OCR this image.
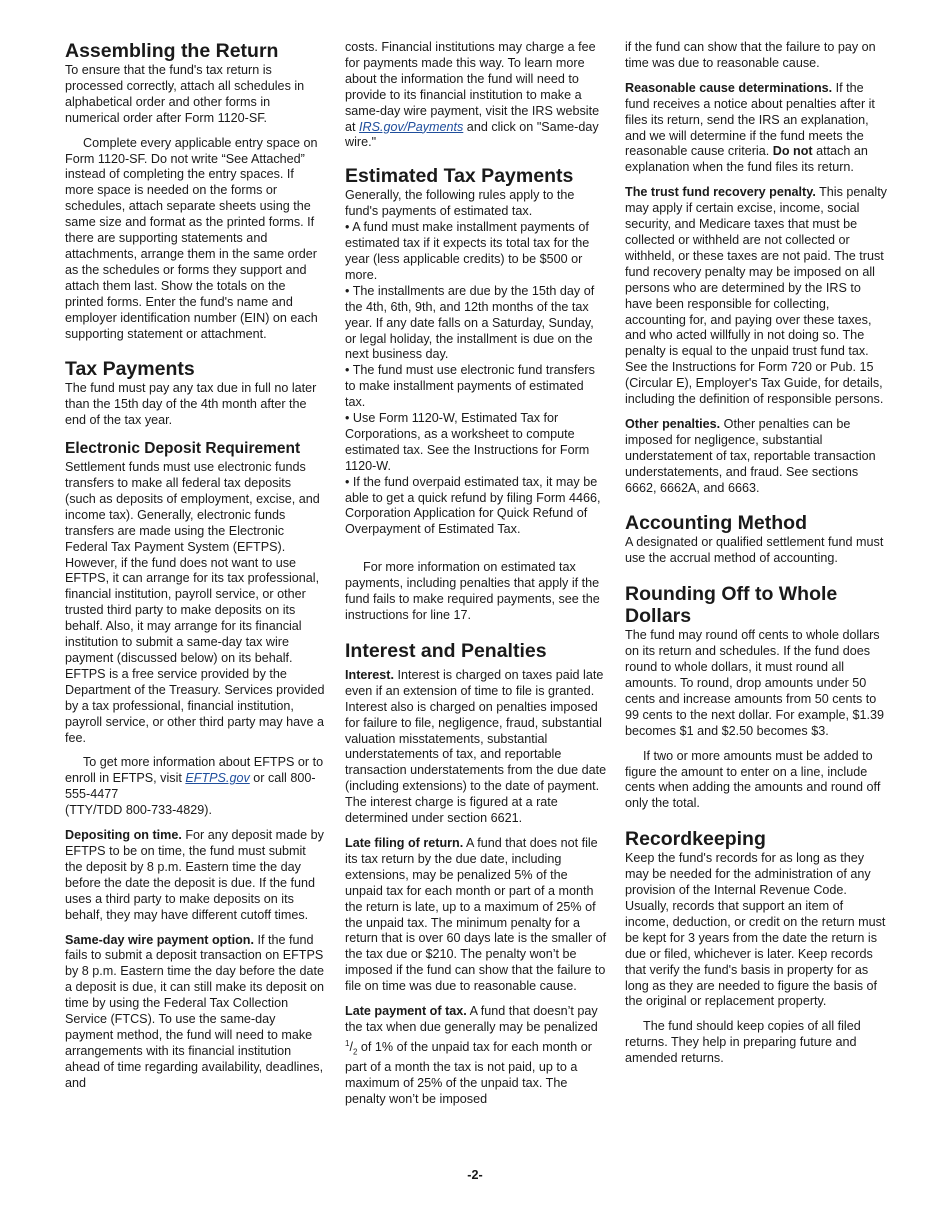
Assembling the Return

To ensure that the fund's tax return is processed correctly, attach all schedules in alphabetical order and other forms in numerical order after Form 1120-SF.

Complete every applicable entry space on Form 1120-SF. Do not write “See Attached” instead of completing the entry spaces. If more space is needed on the forms or schedules, attach separate sheets using the same size and format as the printed forms. If there are supporting statements and attachments, arrange them in the same order as the schedules or forms they support and attach them last. Show the totals on the printed forms. Enter the fund's name and employer identification number (EIN) on each supporting statement or attachment.

Tax Payments

The fund must pay any tax due in full no later than the 15th day of the 4th month after the end of the tax year.

Electronic Deposit Requirement

Settlement funds must use electronic funds transfers to make all federal tax deposits (such as deposits of employment, excise, and income tax). Generally, electronic funds transfers are made using the Electronic Federal Tax Payment System (EFTPS). However, if the fund does not want to use EFTPS, it can arrange for its tax professional, financial institution, payroll service, or other trusted third party to make deposits on its behalf. Also, it may arrange for its financial institution to submit a same-day tax wire payment (discussed below) on its behalf. EFTPS is a free service provided by the Department of the Treasury. Services provided by a tax professional, financial institution, payroll service, or other third party may have a fee.

To get more information about EFTPS or to enroll in EFTPS, visit EFTPS.gov or call 800-555-4477

(TTY/TDD 800-733-4829).

Depositing on time. For any deposit made by EFTPS to be on time, the fund must submit the deposit by 8 p.m. Eastern time the day before the date the deposit is due. If the fund uses a third party to make deposits on its behalf, they may have different cutoff times.

Same-day wire payment option. If the fund fails to submit a deposit transaction on EFTPS by 8 p.m. Eastern time the day before the date a deposit is due, it can still make its deposit on time by using the Federal Tax Collection Service (FTCS). To use the same-day payment method, the fund will need to make arrangements with its financial institution ahead of time regarding availability, deadlines, and

costs. Financial institutions may charge a fee for payments made this way. To learn more about the information the fund will need to provide to its financial institution to make a same-day wire payment, visit the IRS website at IRS.gov/Payments and click on "Same-day wire."

Estimated Tax Payments

Generally, the following rules apply to the fund's payments of estimated tax.

• A fund must make installment payments of estimated tax if it expects its total tax for the year (less applicable credits) to be $500 or more.

• The installments are due by the 15th day of the 4th, 6th, 9th, and 12th months of the tax year. If any date falls on a Saturday, Sunday, or legal holiday, the installment is due on the next business day.

• The fund must use electronic fund transfers to make installment payments of estimated tax.

• Use Form 1120-W, Estimated Tax for Corporations, as a worksheet to compute estimated tax. See the Instructions for Form 1120-W.

• If the fund overpaid estimated tax, it may be able to get a quick refund by filing Form 4466, Corporation Application for Quick Refund of Overpayment of Estimated Tax.

For more information on estimated tax payments, including penalties that apply if the fund fails to make required payments, see the instructions for line 17.

Interest and Penalties

Interest. Interest is charged on taxes paid late even if an extension of time to file is granted. Interest also is charged on penalties imposed for failure to file, negligence, fraud, substantial valuation misstatements, substantial understatements of tax, and reportable transaction understatements from the due date (including extensions) to the date of payment. The interest charge is figured at a rate determined under section 6621.

Late filing of return. A fund that does not file its tax return by the due date, including extensions, may be penalized 5% of the unpaid tax for each month or part of a month the return is late, up to a maximum of 25% of the unpaid tax. The minimum penalty for a return that is over 60 days late is the smaller of the tax due or $210. The penalty won’t be imposed if the fund can show that the failure to file on time was due to reasonable cause.

Late payment of tax. A fund that doesn’t pay the tax when due generally may be penalized $^1/_2$ of 1% of the unpaid tax for each month or part of a month the tax is not paid, up to a maximum of 25% of the unpaid tax. The penalty won’t be imposed

if the fund can show that the failure to pay on time was due to reasonable cause.

Reasonable cause determinations. If the fund receives a notice about penalties after it files its return, send the IRS an explanation, and we will determine if the fund meets the reasonable cause criteria. Do not attach an explanation when the fund files its return.

The trust fund recovery penalty. This penalty may apply if certain excise, income, social security, and Medicare taxes that must be collected or withheld are not collected or withheld, or these taxes are not paid. The trust fund recovery penalty may be imposed on all persons who are determined by the IRS to have been responsible for collecting, accounting for, and paying over these taxes, and who acted willfully in not doing so. The penalty is equal to the unpaid trust fund tax. See the Instructions for Form 720 or Pub. 15 (Circular E), Employer's Tax Guide, for details, including the definition of responsible persons.

Other penalties. Other penalties can be imposed for negligence, substantial understatement of tax, reportable transaction understatements, and fraud. See sections 6662, 6662A, and 6663.

Accounting Method

A designated or qualified settlement fund must use the accrual method of accounting.

Rounding Off to Whole Dollars

The fund may round off cents to whole dollars on its return and schedules. If the fund does round to whole dollars, it must round all amounts. To round, drop amounts under 50 cents and increase amounts from 50 cents to 99 cents to the next dollar. For example, $1.39 becomes $1 and $2.50 becomes $3.

If two or more amounts must be added to figure the amount to enter on a line, include cents when adding the amounts and round off only the total.

Recordkeeping

Keep the fund's records for as long as they may be needed for the administration of any provision of the Internal Revenue Code. Usually, records that support an item of income, deduction, or credit on the return must be kept for 3 years from the date the return is due or filed, whichever is later. Keep records that verify the fund's basis in property for as long as they are needed to figure the basis of the original or replacement property.

The fund should keep copies of all filed returns. They help in preparing future and amended returns.

-2-
